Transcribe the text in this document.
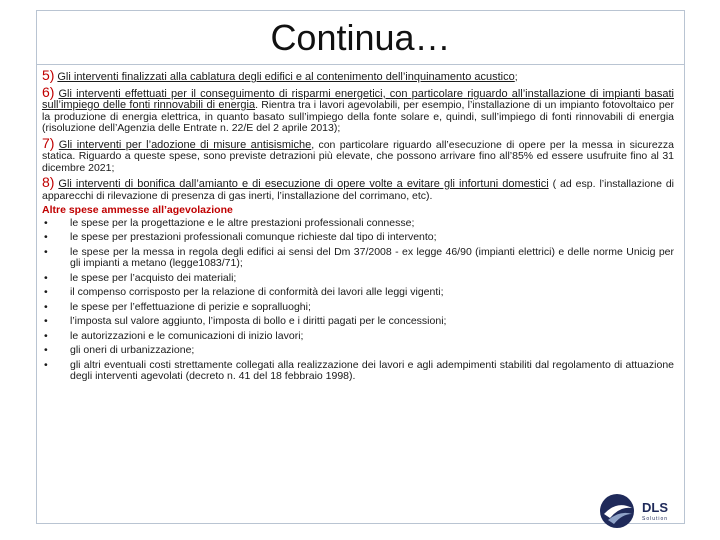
Continua…

5) Gli interventi finalizzati alla cablatura degli edifici e al contenimento dell’inquinamento acustico;

6) Gli interventi effettuati per il conseguimento di risparmi energetici, con particolare riguardo all’installazione di impianti basati sull’impiego delle fonti rinnovabili di energia. Rientra tra i lavori agevolabili, per esempio, l’installazione di un impianto fotovoltaico per la produzione di energia elettrica, in quanto basato sull’impiego della fonte solare e, quindi, sull’impiego di fonti rinnovabili di energia (risoluzione dell’Agenzia delle Entrate n. 22/E del 2 aprile 2013);

7) Gli interventi per l’adozione di misure antisismiche, con particolare riguardo all’esecuzione di opere per la messa in sicurezza statica. Riguardo a queste spese, sono previste detrazioni più elevate, che possono arrivare fino all’85% ed essere usufruite fino al 31 dicembre 2021;

8) Gli interventi di bonifica dall’amianto e di esecuzione di opere volte a evitare gli infortuni domestici ( ad esp. l’installazione di apparecchi di rilevazione di presenza di gas inerti, l’installazione del corrimano, etc).

Altre spese ammesse all’agevolazione
• le spese per la progettazione e le altre prestazioni professionali connesse;
• le spese per prestazioni professionali comunque richieste dal tipo di intervento;
• le spese per la messa in regola degli edifici ai sensi del Dm 37/2008 - ex legge 46/90 (impianti elettrici) e delle norme Unicig per gli impianti a metano (legge1083/71);
• le spese per l’acquisto dei materiali;
• il compenso corrisposto per la relazione di conformità dei lavori alle leggi vigenti;
• le spese per l’effettuazione di perizie e sopralluoghi;
• l’imposta sul valore aggiunto, l’imposta di bollo e i diritti pagati per le concessioni;
• le autorizzazioni e le comunicazioni di inizio lavori;
• gli oneri di urbanizzazione;
• gli altri eventuali costi strettamente collegati alla realizzazione dei lavori e agli adempimenti stabiliti dal regolamento di attuazione degli interventi agevolati (decreto n. 41 del 18 febbraio 1998).
DLS
Solution
